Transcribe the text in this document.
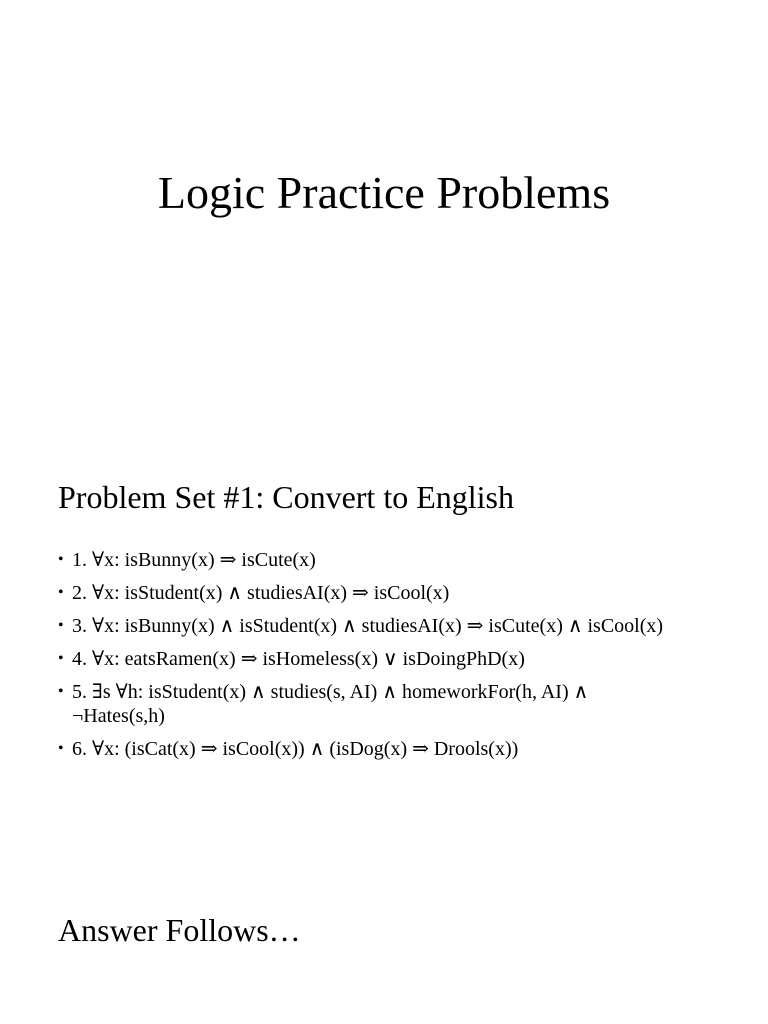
Logic Practice Problems
Problem Set #1: Convert to English
• 1. ∀x: isBunny(x) ⇒ isCute(x)
• 2. ∀x: isStudent(x) ∧ studiesAI(x) ⇒ isCool(x)
• 3. ∀x: isBunny(x) ∧ isStudent(x) ∧ studiesAI(x) ⇒ isCute(x) ∧ isCool(x)
• 4. ∀x: eatsRamen(x) ⇒ isHomeless(x) ∨ isDoingPhD(x)
• 5. ∃s ∀h: isStudent(x) ∧ studies(s, AI) ∧ homeworkFor(h, AI) ∧ ¬Hates(s,h)
• 6. ∀x: (isCat(x) ⇒ isCool(x)) ∧ (isDog(x) ⇒ Drools(x))
Answer Follows…
